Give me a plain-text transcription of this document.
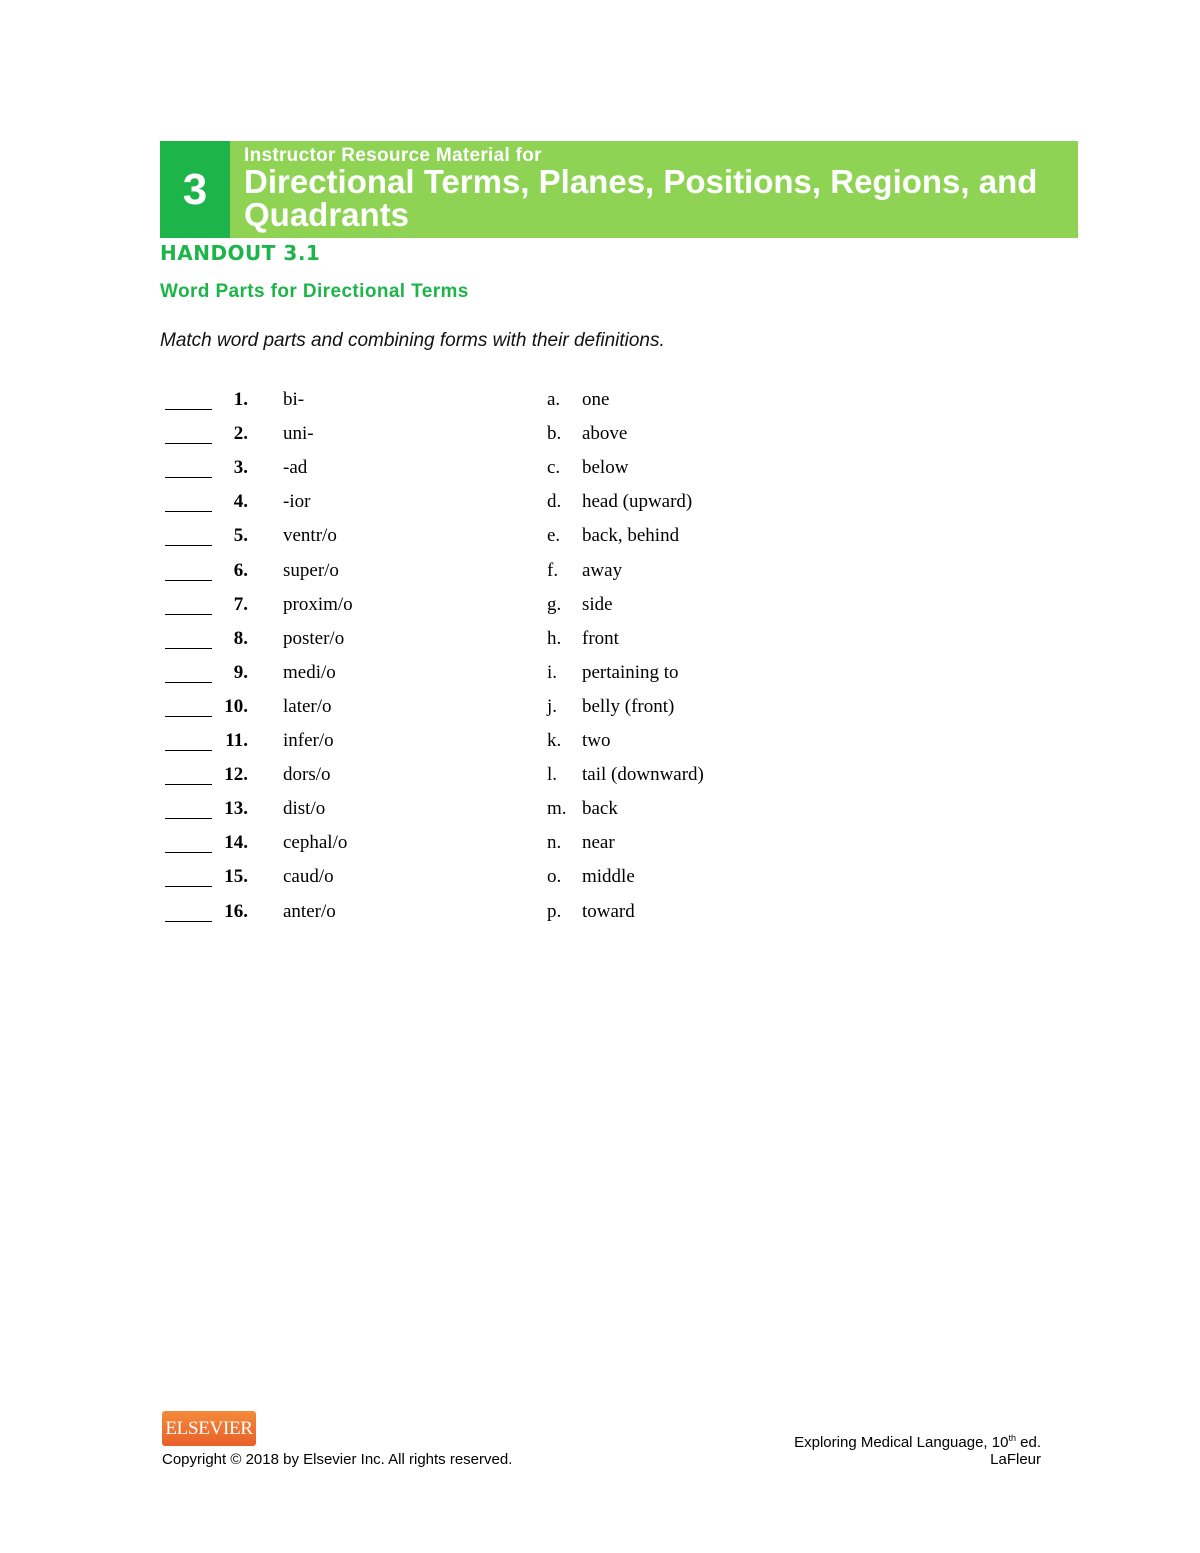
3
Instructor Resource Material for
Directional Terms, Planes, Positions, Regions, and Quadrants
HANDOUT 3.1
Word Parts for Directional Terms
Match word parts and combining forms with their definitions.
1. bi-	a. one
2. uni-	b. above
3. -ad	c. below
4. -ior	d. head (upward)
5. ventr/o	e. back, behind
6. super/o	f. away
7. proxim/o	g. side
8. poster/o	h. front
9. medi/o	i. pertaining to
10. later/o	j. belly (front)
11. infer/o	k. two
12. dors/o	l. tail (downward)
13. dist/o	m. back
14. cephal/o	n. near
15. caud/o	o. middle
16. anter/o	p. toward
ELSEVIER
Copyright © 2018 by Elsevier Inc. All rights reserved.
Exploring Medical Language, 10th ed.
LaFleur
